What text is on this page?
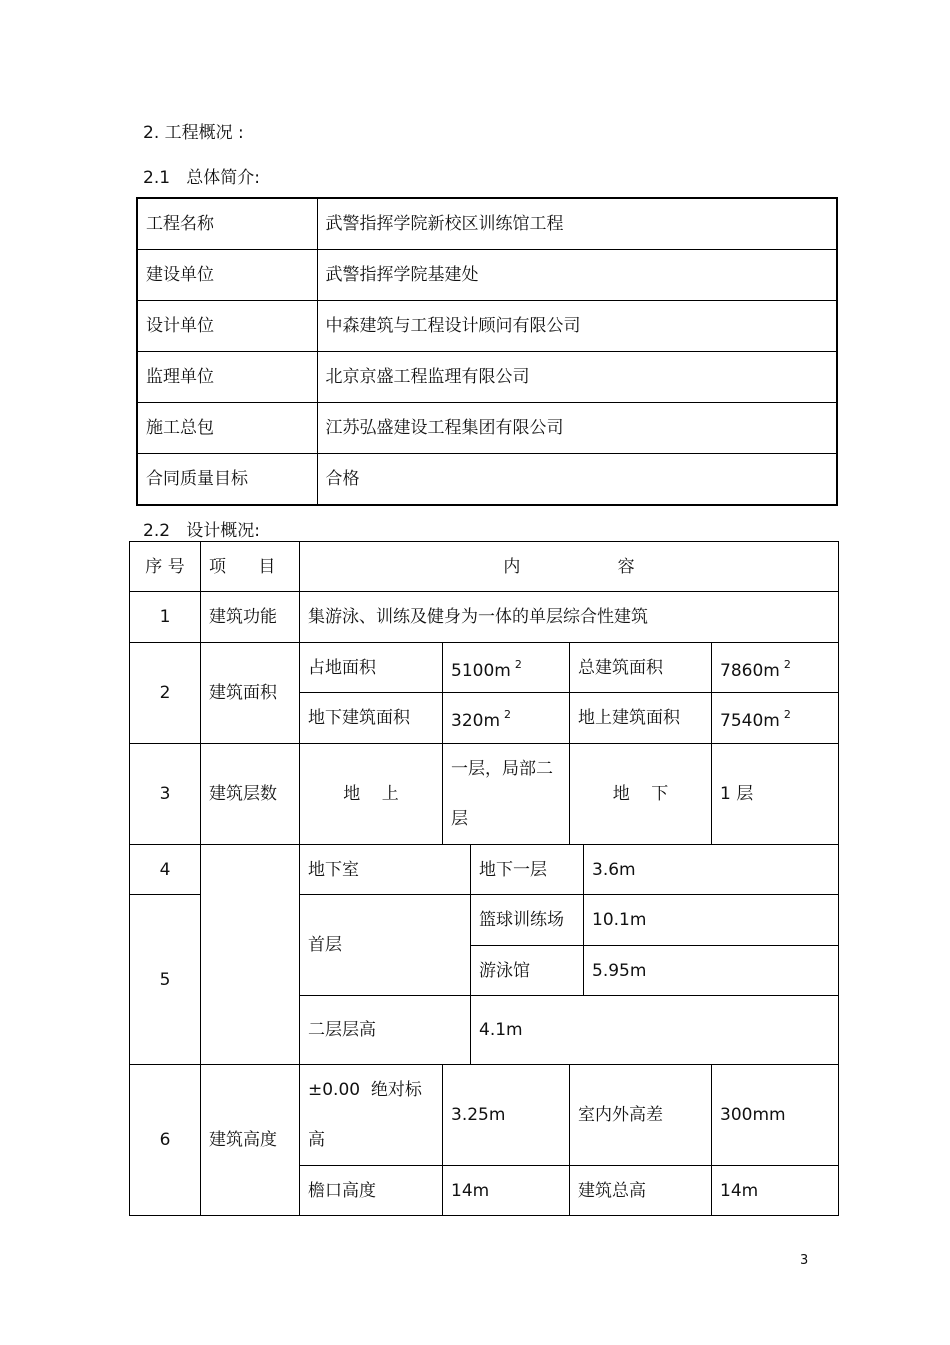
2. 工程概况 :
2.1   总体简介:
工程名称	武警指挥学院新校区训练馆工程
建设单位	武警指挥学院基建处
设计单位	中森建筑与工程设计顾问有限公司
监理单位	北京京盛工程监理有限公司
施工总包	江苏弘盛建设工程集团有限公司
合同质量目标	合格
2.2   设计概况:
序 号	项      目	内                  容					
1	建筑功能	集游泳、训练及健身为一体的单层综合性建筑					
2	建筑面积	占地面积	5100m $^2$		总建筑面积		7860m $^2$
		地下建筑面积	320m $^2$		地上建筑面积		7540m $^2$
3	建筑层数	地    上	一层，局部二层		地    下		1 层
4		地下室		地下一层		3.6m	
5		首层		篮球训练场		10.1m	
				游泳馆		5.95m	
		二层层高		4.1m			
6	建筑高度	±0.00  绝对标高	3.25m		室内外高差		300mm
		檐口高度	14m		建筑总高		14m
3
